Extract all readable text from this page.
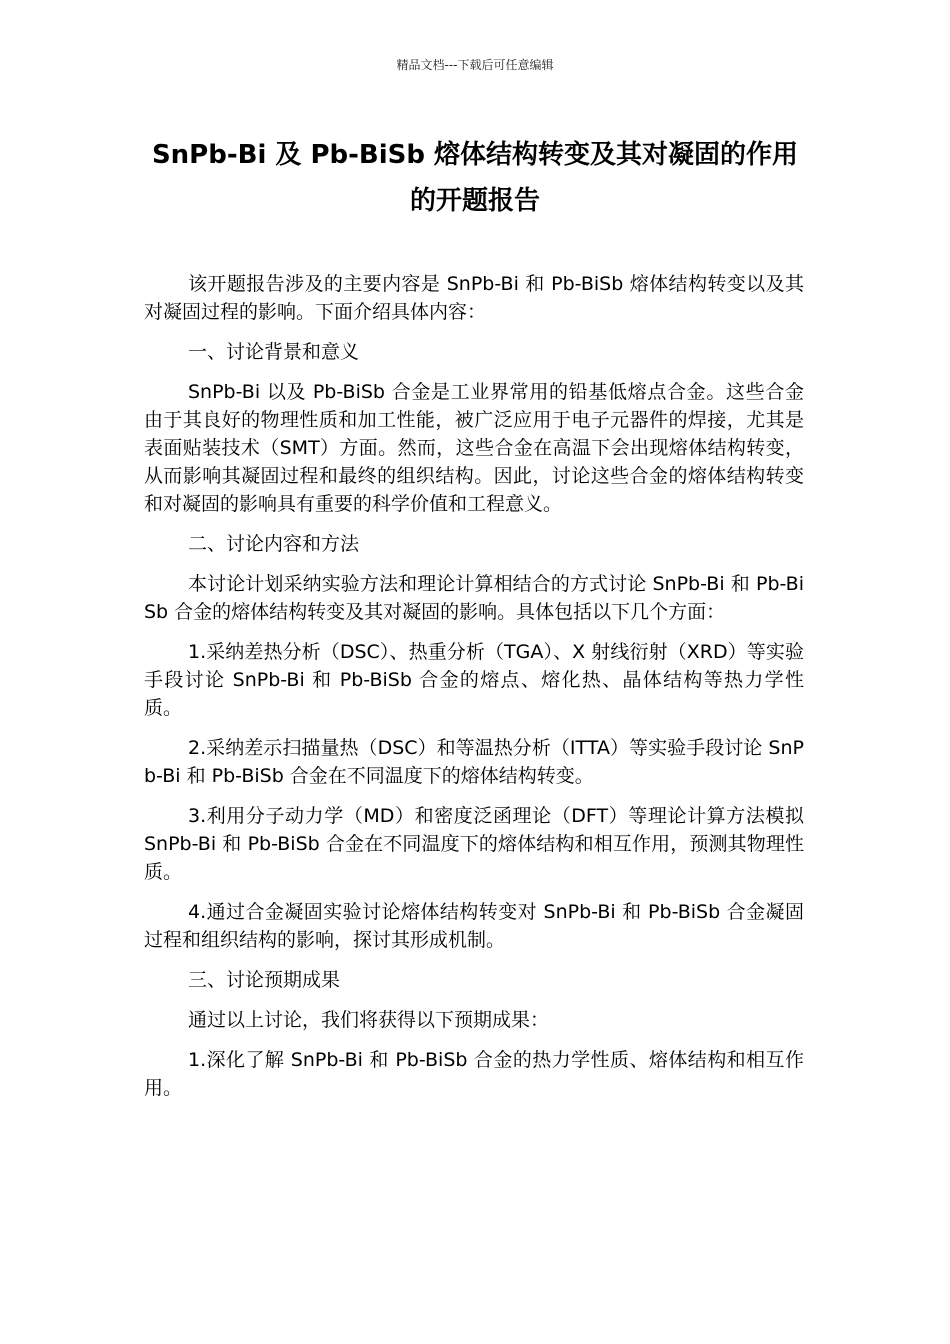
精品文档---下载后可任意编辑
SnPb-Bi 及 Pb-BiSb 熔体结构转变及其对凝固的作用
的开题报告

该开题报告涉及的主要内容是 SnPb-Bi 和 Pb-BiSb 熔体结构转变以及其对凝固过程的影响。下面介绍具体内容：

一、讨论背景和意义

SnPb-Bi 以及 Pb-BiSb 合金是工业界常用的铅基低熔点合金。这些合金由于其良好的物理性质和加工性能，被广泛应用于电子元器件的焊接，尤其是表面贴装技术（SMT）方面。然而，这些合金在高温下会出现熔体结构转变，从而影响其凝固过程和最终的组织结构。因此，讨论这些合金的熔体结构转变和对凝固的影响具有重要的科学价值和工程意义。

二、讨论内容和方法

本讨论计划采纳实验方法和理论计算相结合的方式讨论 SnPb-Bi 和 Pb-BiSb 合金的熔体结构转变及其对凝固的影响。具体包括以下几个方面：

1.采纳差热分析（DSC）、热重分析（TGA）、X 射线衍射（XRD）等实验手段讨论 SnPb-Bi 和 Pb-BiSb 合金的熔点、熔化热、晶体结构等热力学性质。

2.采纳差示扫描量热（DSC）和等温热分析（ITTA）等实验手段讨论 SnPb-Bi 和 Pb-BiSb 合金在不同温度下的熔体结构转变。

3.利用分子动力学（MD）和密度泛函理论（DFT）等理论计算方法模拟 SnPb-Bi 和 Pb-BiSb 合金在不同温度下的熔体结构和相互作用，预测其物理性质。

4.通过合金凝固实验讨论熔体结构转变对 SnPb-Bi 和 Pb-BiSb 合金凝固过程和组织结构的影响，探讨其形成机制。

三、讨论预期成果

通过以上讨论，我们将获得以下预期成果：

1.深化了解 SnPb-Bi 和 Pb-BiSb 合金的热力学性质、熔体结构和相互作用。
